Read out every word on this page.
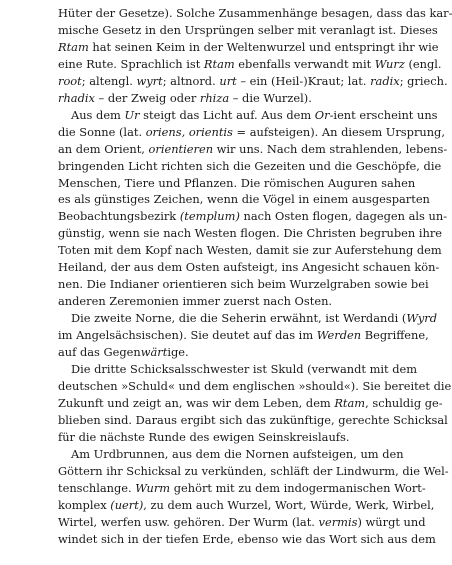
Hüter der Gesetze). Solche Zusammenhänge besagen, dass das kar-
mische Gesetz in den Ursprüngen selber mit veranlagt ist. Dieses
Rtam hat seinen Keim in der Weltenwurzel und entspringt ihr wie
eine Rute. Sprachlich ist Rtam ebenfalls verwandt mit Wurz (engl.
root; altengl. wyrt; altnord. urt – ein (Heil-)Kraut; lat. radix; griech.
rhadix – der Zweig oder rhiza – die Wurzel).
Aus dem Ur steigt das Licht auf. Aus dem Or-ient erscheint uns
die Sonne (lat. oriens, orientis = aufsteigen). An diesem Ursprung,
an dem Orient, orientieren wir uns. Nach dem strahlenden, lebens-
bringenden Licht richten sich die Gezeiten und die Geschöpfe, die
Menschen, Tiere und Pflanzen. Die römischen Auguren sahen
es als günstiges Zeichen, wenn die Vögel in einem ausgesparten
Beobachtungsbezirk (templum) nach Osten flogen, dagegen als un-
günstig, wenn sie nach Westen flogen. Die Christen begruben ihre
Toten mit dem Kopf nach Westen, damit sie zur Auferstehung dem
Heiland, der aus dem Osten aufsteigt, ins Angesicht schauen kön-
nen. Die Indianer orientieren sich beim Wurzelgraben sowie bei
anderen Zeremonien immer zuerst nach Osten.
Die zweite Norne, die die Seherin erwähnt, ist Werdandi (Wyrd
im Angelsächsischen). Sie deutet auf das im Werden Begriffene,
auf das Gegenwärtige.
Die dritte Schicksalsschwester ist Skuld (verwandt mit dem
deutschen »Schuld« und dem englischen »should«). Sie bereitet die
Zukunft und zeigt an, was wir dem Leben, dem Rtam, schuldig ge-
blieben sind. Daraus ergibt sich das zukünftige, gerechte Schicksal
für die nächste Runde des ewigen Seinskreislaufs.
Am Urdbrunnen, aus dem die Nornen aufsteigen, um den
Göttern ihr Schicksal zu verkünden, schläft der Lindwurm, die Wel-
tenschlange. Wurm gehört mit zu dem indogermanischen Wort-
komplex (uert), zu dem auch Wurzel, Wort, Würde, Werk, Wirbel,
Wirtel, werfen usw. gehören. Der Wurm (lat. vermis) würgt und
windet sich in der tiefen Erde, ebenso wie das Wort sich aus dem
